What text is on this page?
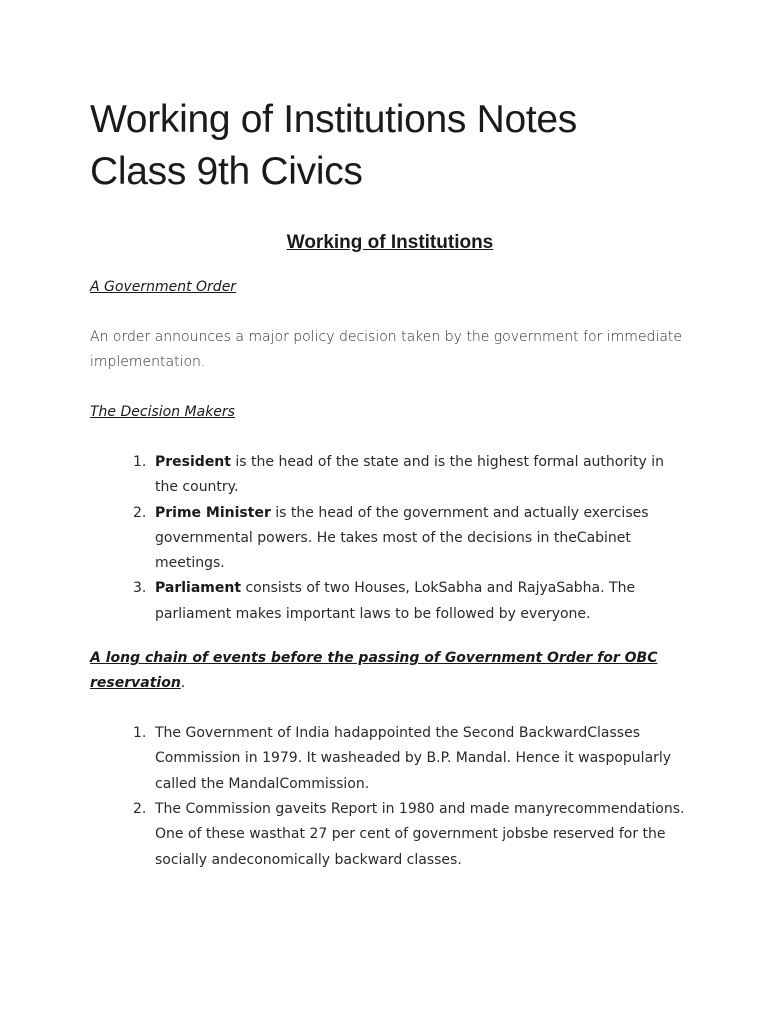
Working of Institutions Notes
Class 9th Civics
Working of Institutions

A Government Order

An order announces a major policy decision taken by the government for immediate implementation.

The Decision Makers

1. President is the head of the state and is the highest formal authority in the country.
2. Prime Minister is the head of the government and actually exercises governmental powers. He takes most of the decisions in theCabinet meetings.
3. Parliament consists of two Houses, LokSabha and RajyaSabha. The parliament makes important laws to be followed by everyone.

A long chain of events before the passing of Government Order for OBC reservation.

1. The Government of India hadappointed the Second BackwardClasses Commission in 1979. It washeaded by B.P. Mandal. Hence it waspopularly called the MandalCommission.
2. The Commission gaveits Report in 1980 and made manyrecommendations. One of these wasthat 27 per cent of government jobsbe reserved for the socially andeconomically backward classes.
